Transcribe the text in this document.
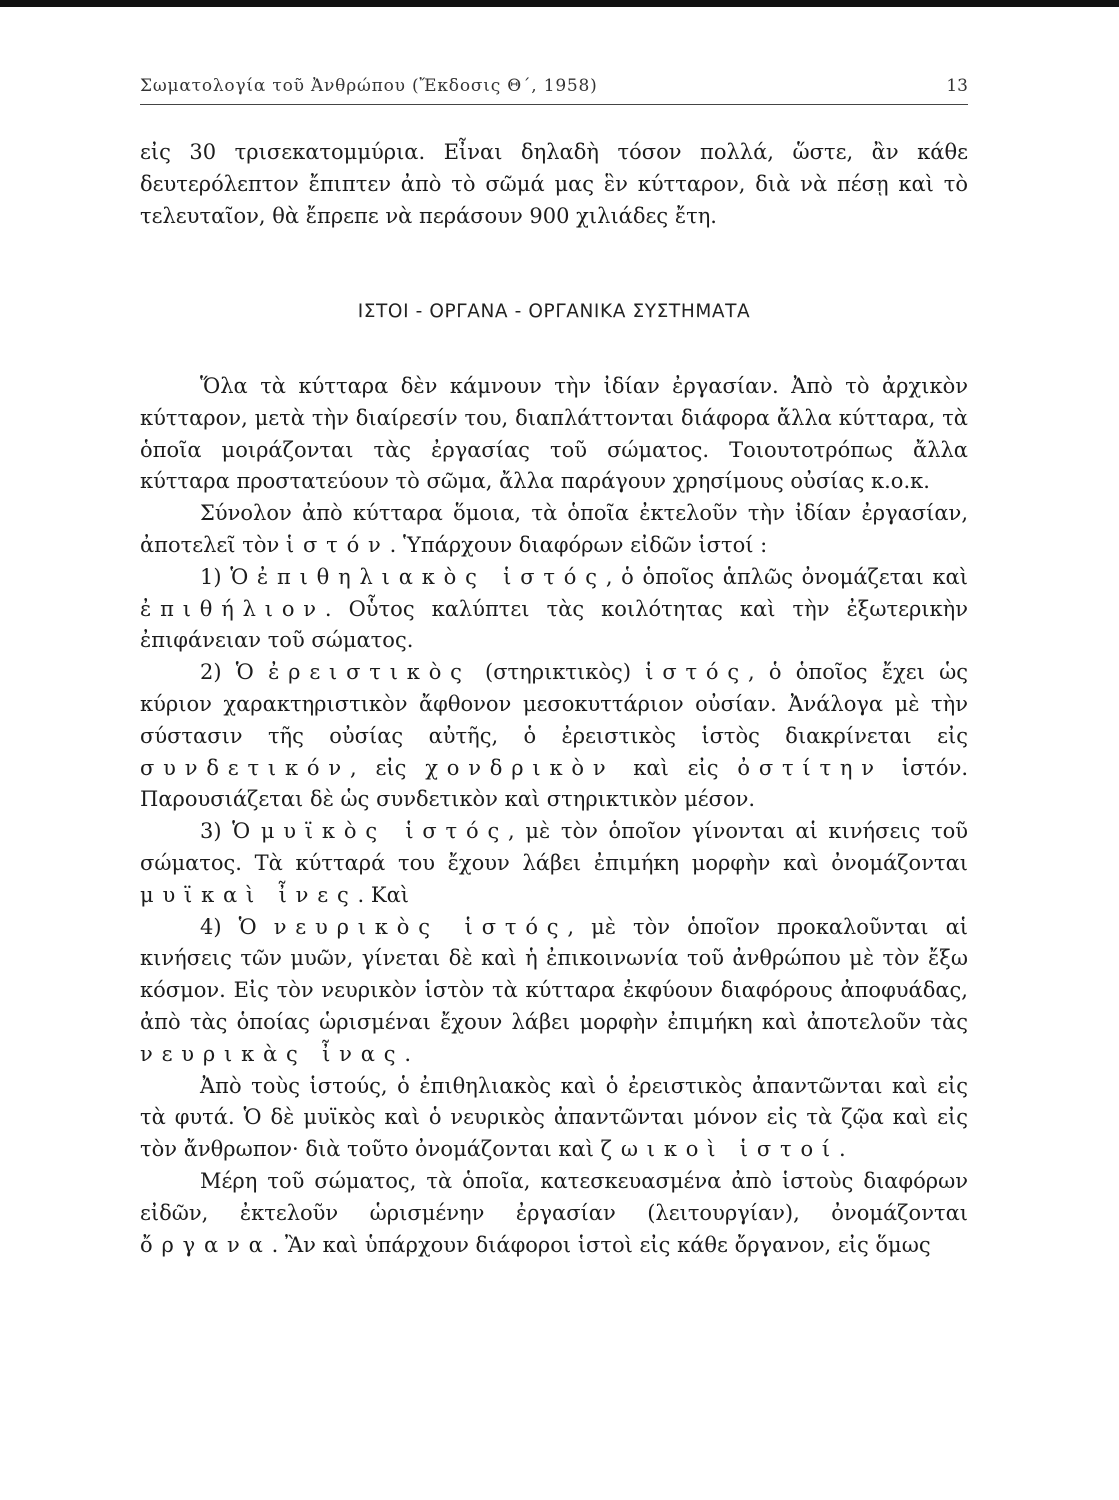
Σωματολογία τοῦ Ἀνθρώπου (Ἔκδοσις Θ΄, 1958)	13

εἰς 30 τρισεκατομμύρια. Εἶναι δηλαδὴ τόσον πολλά, ὥστε, ἂν κάθε δευτερόλεπτον ἔπιπτεν ἀπὸ τὸ σῶμά μας ἓν κύτταρον, διὰ νὰ πέσῃ καὶ τὸ τελευταῖον, θὰ ἔπρεπε νὰ περάσουν 900 χιλιάδες ἔτη.

ΙΣΤΟΙ - ΟΡΓΑΝΑ - ΟΡΓΑΝΙΚΑ ΣΥΣΤΗΜΑΤΑ

Ὅλα τὰ κύτταρα δὲν κάμνουν τὴν ἰδίαν ἐργασίαν. Ἀπὸ τὸ ἀρχικὸν κύτταρον, μετὰ τὴν διαίρεσίν του, διαπλάττονται διάφορα ἄλλα κύτταρα, τὰ ὁποῖα μοιράζονται τὰς ἐργασίας τοῦ σώματος. Τοιουτοτρόπως ἄλλα κύτταρα προστατεύουν τὸ σῶμα, ἄλλα παράγουν χρησίμους οὐσίας κ.ο.κ.

Σύνολον ἀπὸ κύτταρα ὅμοια, τὰ ὁποῖα ἐκτελοῦν τὴν ἰδίαν ἐργασίαν, ἀποτελεῖ τὸν ἱστόν. Ὑπάρχουν διαφόρων εἰδῶν ἱστοί :

1) Ὁ ἐπιθηλιακὸς ἱστός, ὁ ὁποῖος ἁπλῶς ὀνομάζεται καὶ ἐπιθήλιον. Οὗτος καλύπτει τὰς κοιλότητας καὶ τὴν ἐξωτερικὴν ἐπιφάνειαν τοῦ σώματος.

2) Ὁ ἐρειστικὸς (στηρικτικὸς) ἱστός, ὁ ὁποῖος ἔχει ὡς κύριον χαρακτηριστικὸν ἄφθονον μεσοκυττάριον οὐσίαν. Ἀνάλογα μὲ τὴν σύστασιν τῆς οὐσίας αὐτῆς, ὁ ἐρειστικὸς ἱστὸς διακρίνεται εἰς συνδετικόν, εἰς χονδρικὸν καὶ εἰς ὀστίτην ἱστόν. Παρουσιάζεται δὲ ὡς συνδετικὸν καὶ στηρικτικὸν μέσον.

3) Ὁ μυϊκὸς ἱστός, μὲ τὸν ὁποῖον γίνονται αἱ κινήσεις τοῦ σώματος. Τὰ κύτταρά του ἔχουν λάβει ἐπιμήκη μορφὴν καὶ ὀνομάζονται μυϊκαὶ ἶνες. Καὶ

4) Ὁ νευρικὸς ἱστός, μὲ τὸν ὁποῖον προκαλοῦνται αἱ κινήσεις τῶν μυῶν, γίνεται δὲ καὶ ἡ ἐπικοινωνία τοῦ ἀνθρώπου μὲ τὸν ἔξω κόσμον. Εἰς τὸν νευρικὸν ἱστὸν τὰ κύτταρα ἐκφύουν διαφόρους ἀποφυάδας, ἀπὸ τὰς ὁποίας ὡρισμέναι ἔχουν λάβει μορφὴν ἐπιμήκη καὶ ἀποτελοῦν τὰς νευρικὰς ἶνας.

Ἀπὸ τοὺς ἱστούς, ὁ ἐπιθηλιακὸς καὶ ὁ ἐρειστικὸς ἀπαντῶνται καὶ εἰς τὰ φυτά. Ὁ δὲ μυϊκὸς καὶ ὁ νευρικὸς ἀπαντῶνται μόνον εἰς τὰ ζῷα καὶ εἰς τὸν ἄνθρωπον· διὰ τοῦτο ὀνομάζονται καὶ ζωικοὶ ἱστοί.

Μέρη τοῦ σώματος, τὰ ὁποῖα, κατεσκευασμένα ἀπὸ ἱστοὺς διαφόρων εἰδῶν, ἐκτελοῦν ὡρισμένην ἐργασίαν (λειτουργίαν), ὀνομάζονται ὄργανα. Ἂν καὶ ὑπάρχουν διάφοροι ἱστοὶ εἰς κάθε ὄργανον, εἰς ὅμως
